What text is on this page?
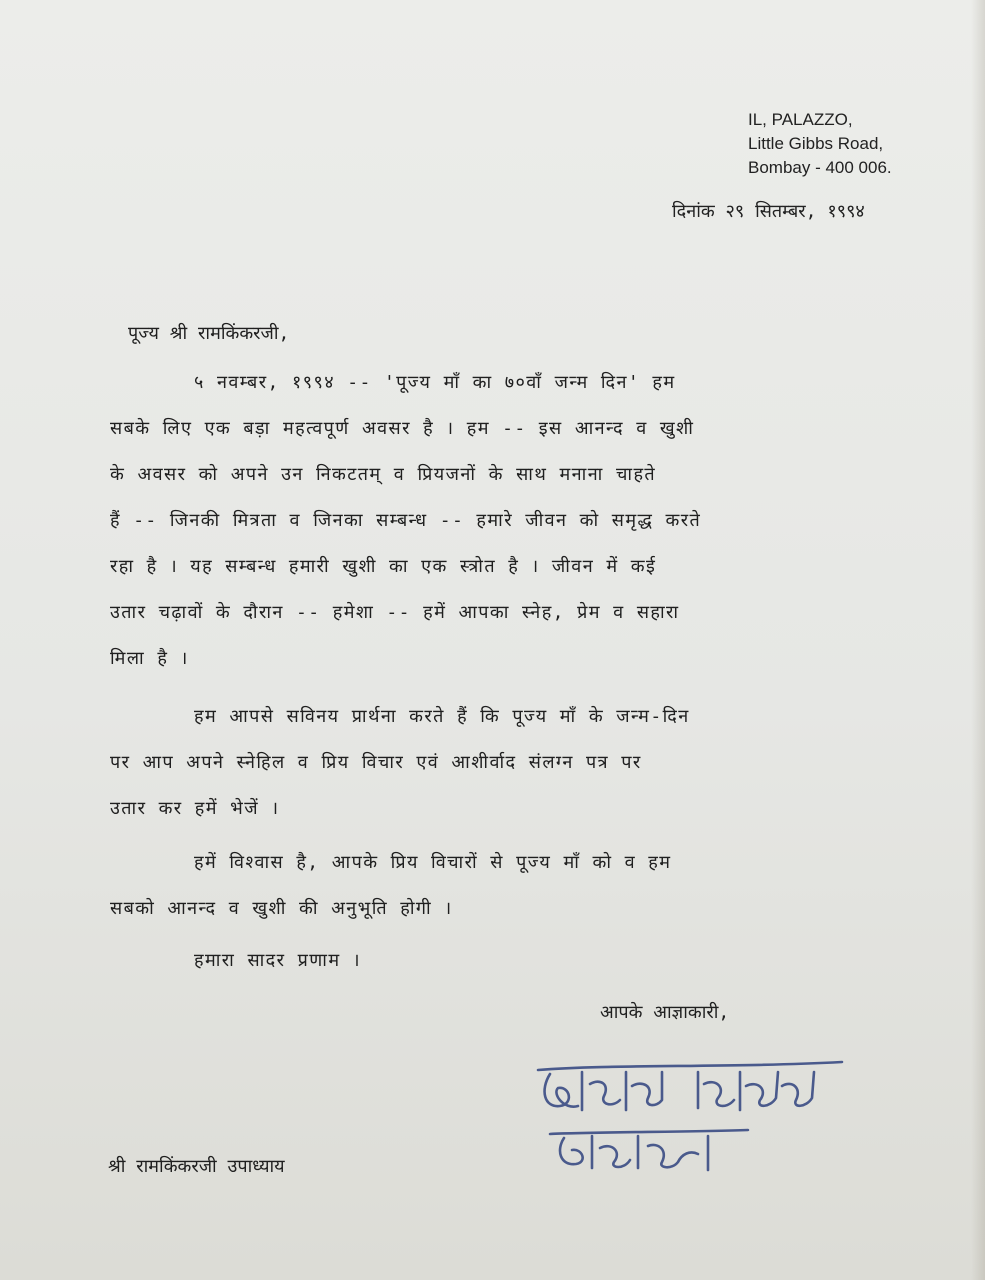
IL, PALAZZO,
Little Gibbs Road,
Bombay - 400 006.
दिनांक २९ सितम्बर, १९९४
पूज्य श्री रामकिंकरजी,
५ नवम्बर, १९९४ -- 'पूज्य माँ का ७०वाँ जन्म दिन' हम
सबके लिए एक बड़ा महत्वपूर्ण अवसर है । हम -- इस आनन्द व खुशी
के अवसर को अपने उन निकटतम् व प्रियजनों के साथ मनाना चाहते
हैं -- जिनकी मित्रता व जिनका सम्बन्ध -- हमारे जीवन को समृद्ध करते
रहा है । यह सम्बन्ध हमारी खुशी का एक स्त्रोत है । जीवन में कई
उतार चढ़ावों के दौरान -- हमेशा -- हमें आपका स्नेह, प्रेम व सहारा
मिला है ।
हम आपसे सविनय प्रार्थना करते हैं कि पूज्य माँ के जन्म-दिन
पर आप अपने स्नेहिल व प्रिय विचार एवं आशीर्वाद संलग्न पत्र पर
उतार कर हमें भेजें ।
हमें विश्वास है, आपके प्रिय विचारों से पूज्य माँ को व हम
सबको आनन्द व खुशी की अनुभूति होगी ।
हमारा सादर प्रणाम ।
आपके आज्ञाकारी,
श्री रामकिंकरजी उपाध्याय
